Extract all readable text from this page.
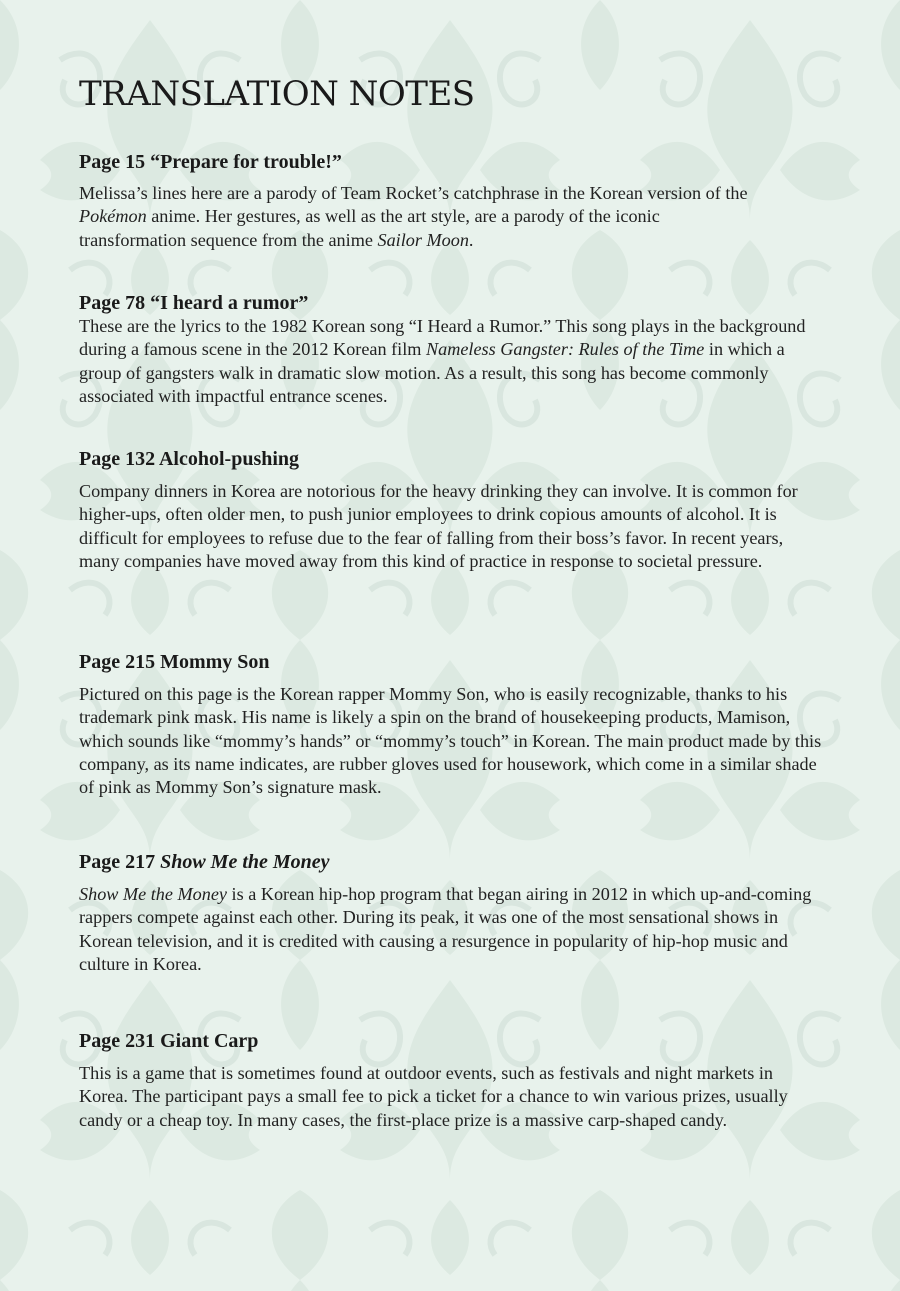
TRANSLATION NOTES
Page 15 “Prepare for trouble!”

Melissa’s lines here are a parody of Team Rocket’s catchphrase in the Korean version of the Pokémon anime. Her gestures, as well as the art style, are a parody of the iconic transformation sequence from the anime Sailor Moon.

Page 78 “I heard a rumor”

These are the lyrics to the 1982 Korean song “I Heard a Rumor.” This song plays in the background during a famous scene in the 2012 Korean film Nameless Gangster: Rules of the Time in which a group of gangsters walk in dramatic slow motion. As a result, this song has become commonly associated with impactful entrance scenes.

Page 132 Alcohol-pushing

Company dinners in Korea are notorious for the heavy drinking they can involve. It is common for higher-ups, often older men, to push junior employees to drink copious amounts of alcohol. It is difficult for employees to refuse due to the fear of falling from their boss’s favor. In recent years, many companies have moved away from this kind of practice in response to societal pressure.

Page 215 Mommy Son

Pictured on this page is the Korean rapper Mommy Son, who is easily recognizable, thanks to his trademark pink mask. His name is likely a spin on the brand of housekeeping products, Mamison, which sounds like “mommy’s hands” or “mommy’s touch” in Korean. The main product made by this company, as its name indicates, are rubber gloves used for housework, which come in a similar shade of pink as Mommy Son’s signature mask.

Page 217 Show Me the Money

Show Me the Money is a Korean hip-hop program that began airing in 2012 in which up-and-coming rappers compete against each other. During its peak, it was one of the most sensational shows in Korean television, and it is credited with causing a resurgence in popularity of hip-hop music and culture in Korea.

Page 231 Giant Carp

This is a game that is sometimes found at outdoor events, such as festivals and night markets in Korea. The participant pays a small fee to pick a ticket for a chance to win various prizes, usually candy or a cheap toy. In many cases, the first-place prize is a massive carp-shaped candy.
